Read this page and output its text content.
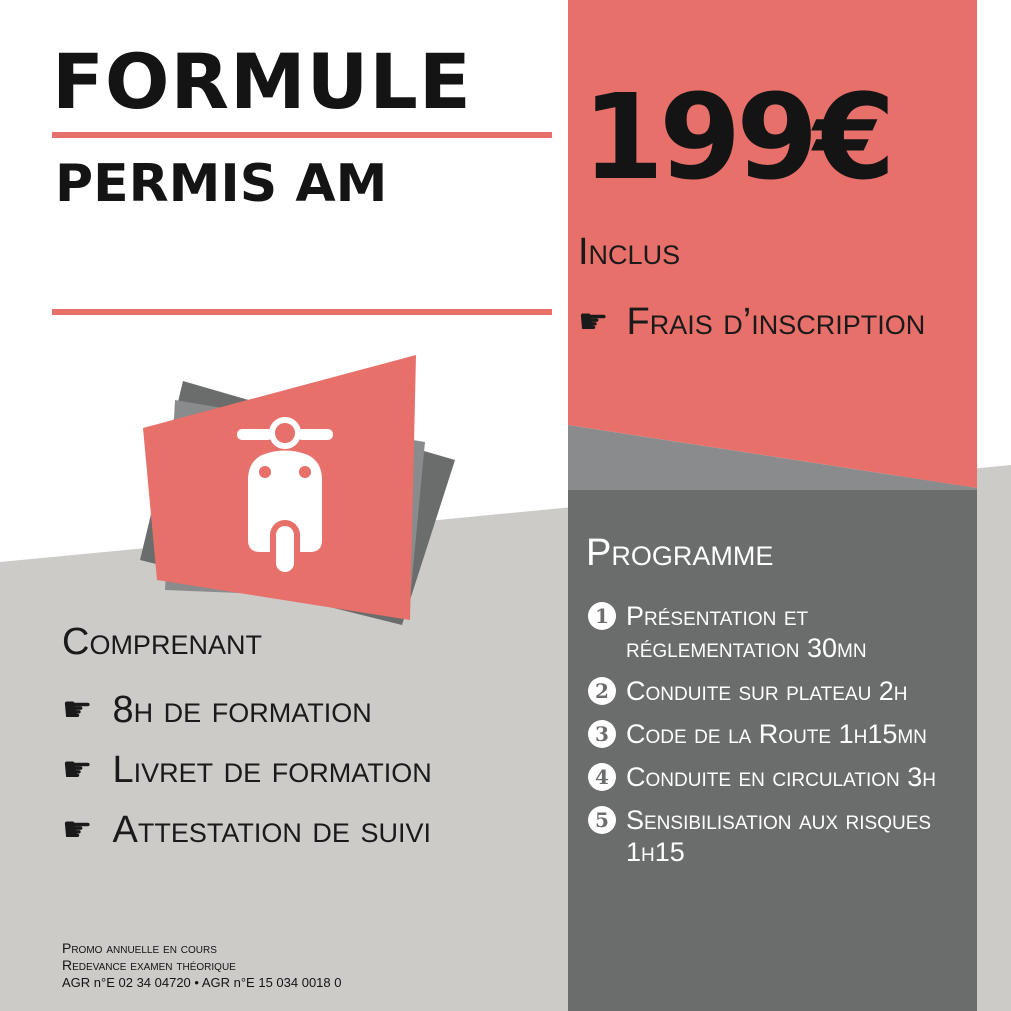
FORMULE
PERMIS AM 199€
Inclus
☛ Frais d’inscription
Comprenant
☛ 8h de formation
☛ Livret de formation
☛ Attestation de suivi
Programme
1 Présentation et réglementation 30mn
2 Conduite sur plateau 2h
3 Code de la Route 1h15mn
4 Conduite en circulation 3h
5 Sensibilisation aux risques 1h15
Promo annuelle en cours
Redevance examen théorique
AGR n°E 02 34 04720 • AGR n°E 15 034 0018 0
